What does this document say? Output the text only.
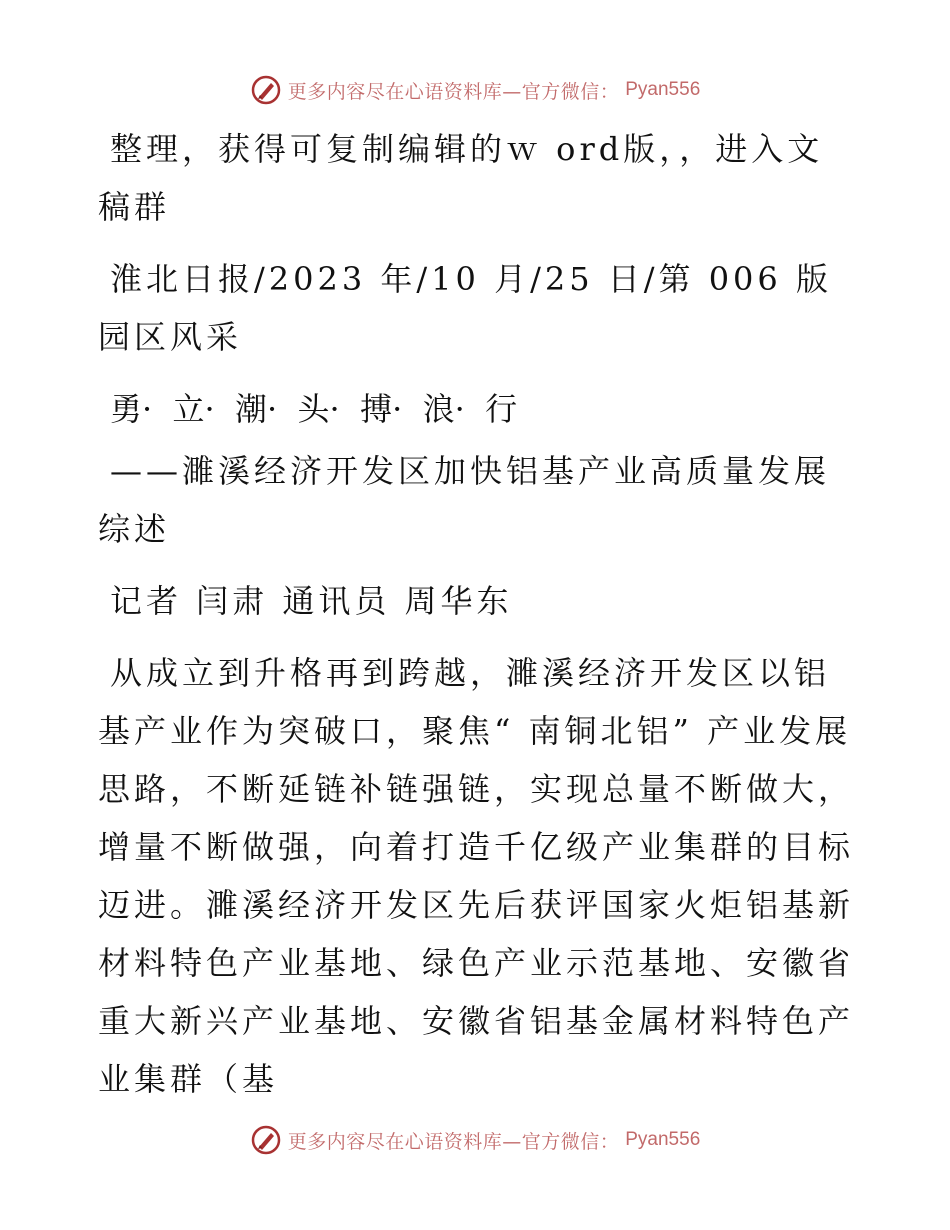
更多内容尽在心语资料库—官方微信： Pyan556

整理，获得可复制编辑的ｗ ord版，，进入文稿群

淮北日报/2023 年/10 月/25 日/第 006 版园区风采

勇·  立·  潮·  头·  搏·  浪·  行

——濉溪经济开发区加快铝基产业高质量发展综述

记者 闫肃 通讯员 周华东

从成立到升格再到跨越，濉溪经济开发区以铝基产业作为突破口，聚焦“ 南铜北铝” 产业发展思路，不断延链补链强链，实现总量不断做大，增量不断做强，向着打造千亿级产业集群的目标迈进。濉溪经济开发区先后获评国家火炬铝基新材料特色产业基地、绿色产业示范基地、安徽省重大新兴产业基地、安徽省铝基金属材料特色产业集群（基

更多内容尽在心语资料库—官方微信： Pyan556
